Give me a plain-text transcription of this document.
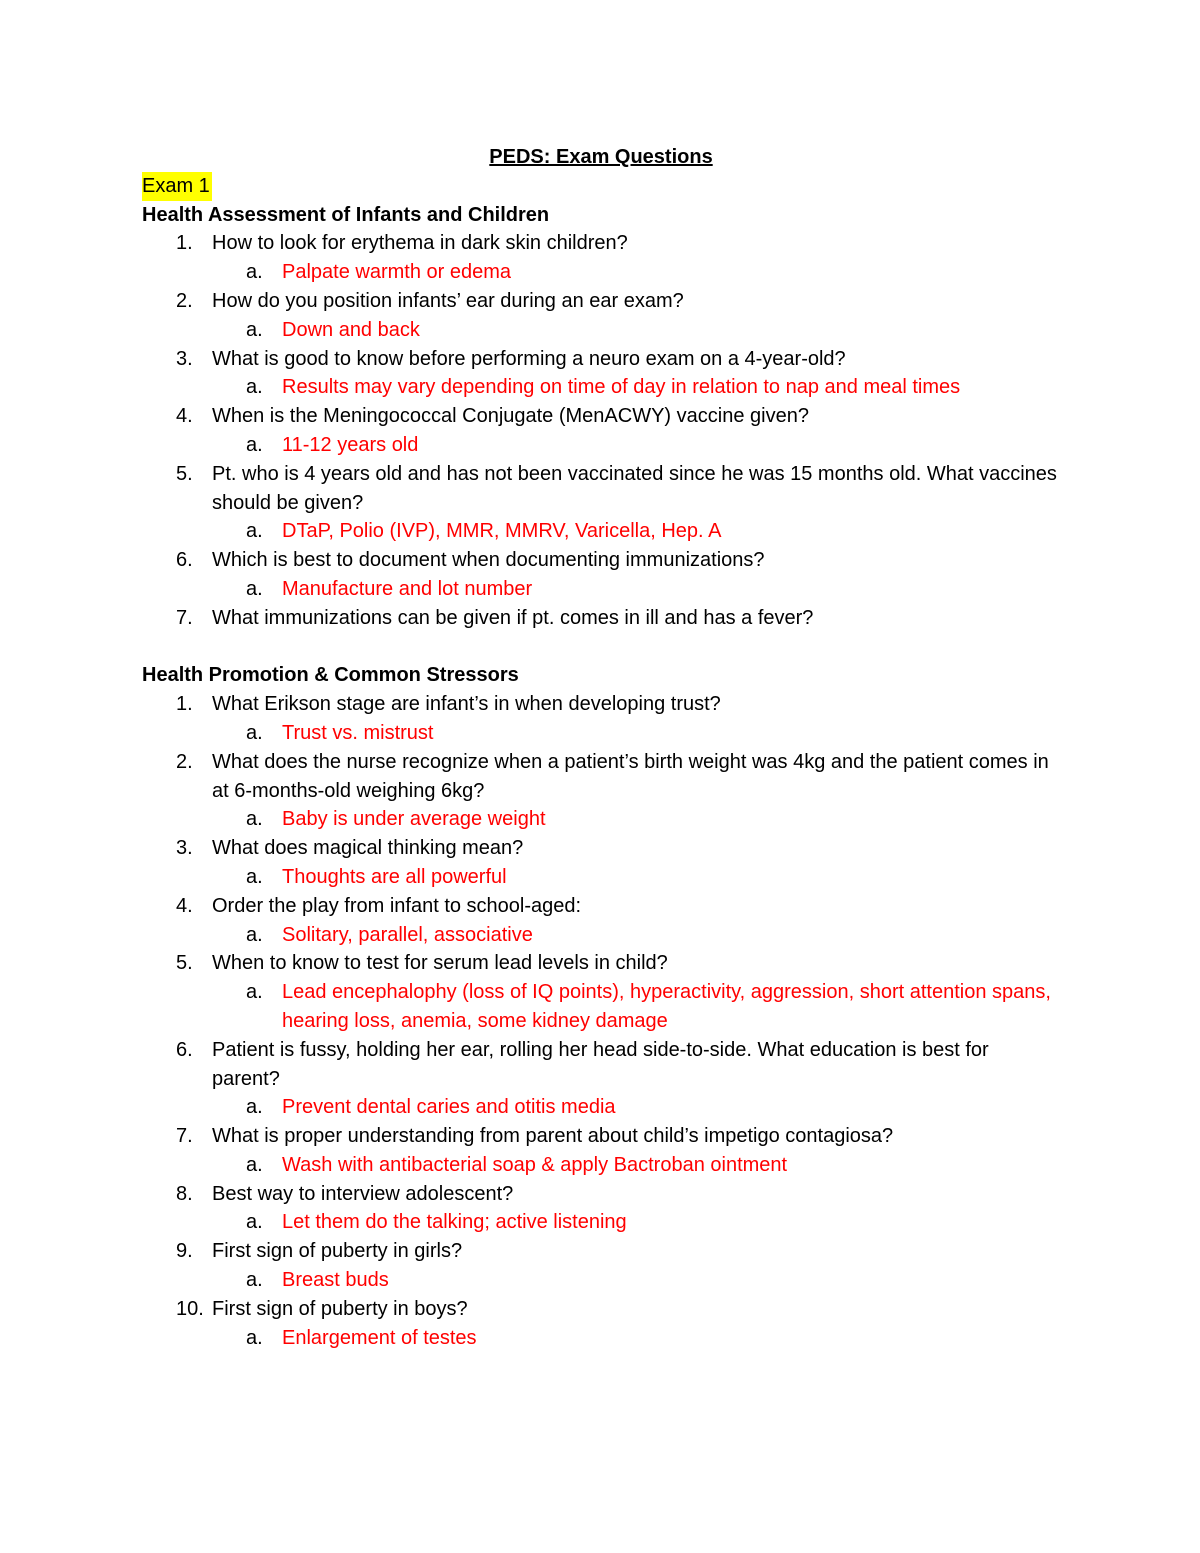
PEDS: Exam Questions
Exam 1
Health Assessment of Infants and Children
1. How to look for erythema in dark skin children?
a. Palpate warmth or edema
2. How do you position infants’ ear during an ear exam?
a. Down and back
3. What is good to know before performing a neuro exam on a 4-year-old?
a. Results may vary depending on time of day in relation to nap and meal times
4. When is the Meningococcal Conjugate (MenACWY) vaccine given?
a. 11-12 years old
5. Pt. who is 4 years old and has not been vaccinated since he was 15 months old. What vaccines should be given?
a. DTaP, Polio (IVP), MMR, MMRV, Varicella, Hep. A
6. Which is best to document when documenting immunizations?
a. Manufacture and lot number
7. What immunizations can be given if pt. comes in ill and has a fever?
Health Promotion & Common Stressors
1. What Erikson stage are infant’s in when developing trust?
a. Trust vs. mistrust
2. What does the nurse recognize when a patient’s birth weight was 4kg and the patient comes in at 6-months-old weighing 6kg?
a. Baby is under average weight
3. What does magical thinking mean?
a. Thoughts are all powerful
4. Order the play from infant to school-aged:
a. Solitary, parallel, associative
5. When to know to test for serum lead levels in child?
a. Lead encephalophy (loss of IQ points), hyperactivity, aggression, short attention spans, hearing loss, anemia, some kidney damage
6. Patient is fussy, holding her ear, rolling her head side-to-side. What education is best for parent?
a. Prevent dental caries and otitis media
7. What is proper understanding from parent about child’s impetigo contagiosa?
a. Wash with antibacterial soap & apply Bactroban ointment
8. Best way to interview adolescent?
a. Let them do the talking; active listening
9. First sign of puberty in girls?
a. Breast buds
10. First sign of puberty in boys?
a. Enlargement of testes
